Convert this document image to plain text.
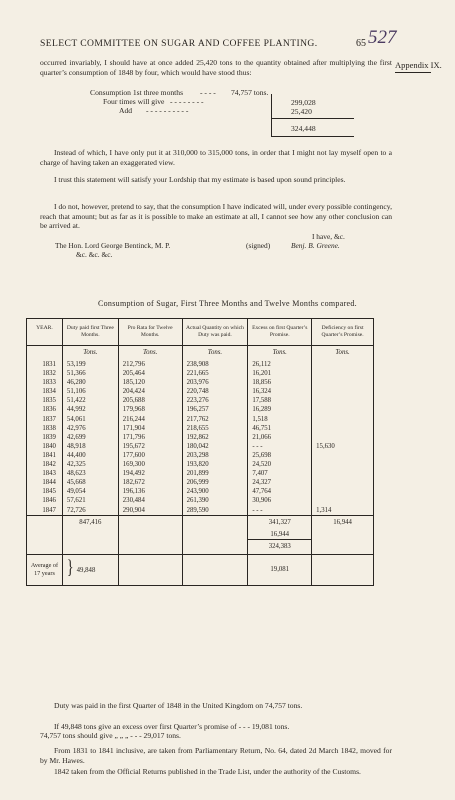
SELECT COMMITTEE ON SUGAR AND COFFEE PLANTING.	65 527
Appendix IX.
occurred invariably, I should have at once added 25,420 tons to the quantity obtained after multiplying the first quarter’s consumption of 1848 by four, which would have stood thus:
Consumption 1st three months - - - - 74,757 tons.
Four times will give - - - - - - - -	299,028
Add - - - - - - - - - -	25,420
324,448
Instead of which, I have only put it at 310,000 to 315,000 tons, in order that I might not lay myself open to a charge of having taken an exaggerated view.
I trust this statement will satisfy your Lordship that my estimate is based upon sound principles.
I do not, however, pretend to say, that the consumption I have indicated will, under every possible contingency, reach that amount; but as far as it is possible to make an estimate at all, I cannot see how any other conclusion can be arrived at.
I have, &c.
The Hon. Lord George Bentinck, M. P.
&c. &c. &c.
(signed)	Benj. B. Greene.
Consumption of Sugar, First Three Months and Twelve Months compared.
YEAR.	Duty paid first Three Months.	Pro Rata for Twelve Months.	Actual Quantity on which Duty was paid.	Excess on first Quarter’s Promise.	Deficiency on first Quarter’s Promise.
	Tons.	Tons.	Tons.	Tons.	Tons.
1831	53,199	212,796	238,908	26,112	
1832	51,366	205,464	221,665	16,201	
1833	46,280	185,120	203,976	18,856	
1834	51,106	204,424	220,748	16,324	
1835	51,422	205,688	223,276	17,588	
1836	44,992	179,968	196,257	16,289	
1837	54,061	216,244	217,762	1,518	
1838	42,976	171,904	218,655	46,751	
1839	42,699	171,796	192,862	21,066	
1840	48,918	195,672	180,042	- - -	15,630
1841	44,400	177,600	203,298	25,698	
1842	42,325	169,300	193,820	24,520	
1843	48,623	194,492	201,899	7,407	
1844	45,668	182,672	206,999	24,327	
1845	49,054	196,136	243,900	47,764	
1846	57,621	230,484	261,390	30,906	
1847	72,726	290,904	289,590	- - -	1,314
	847,416			341,327	16,944
				16,944	
				324,383	
Average of 17 years	} 49,848			19,081	
Duty was paid in the first Quarter of 1848 in the United Kingdom on 74,757 tons.
If 49,848 tons give an excess over first Quarter’s promise of - - - 19,081 tons.
74,757 tons should give „ „ „ - - - 29,017 tons.
From 1831 to 1841 inclusive, are taken from Parliamentary Return, No. 64, dated 2d March 1842, moved for by Mr. Hawes.
1842 taken from the Official Returns published in the Trade List, under the authority of the Customs.
